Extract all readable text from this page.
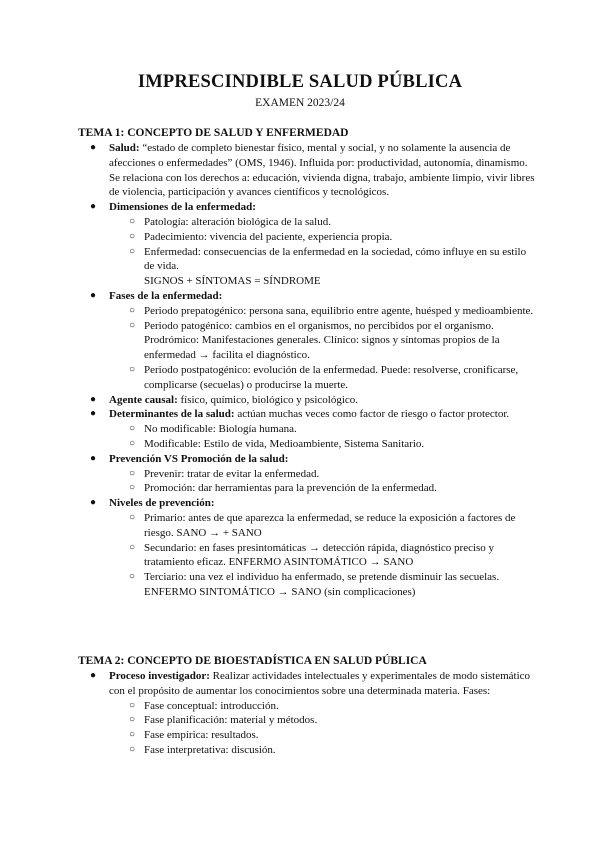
IMPRESCINDIBLE SALUD PÚBLICA
EXAMEN 2023/24
TEMA 1: CONCEPTO DE SALUD Y ENFERMEDAD
● Salud: “estado de completo bienestar físico, mental y social, y no solamente la ausencia de afecciones o enfermedades” (OMS, 1946). Influida por: productividad, autonomía, dinamismo.
Se relaciona con los derechos a: educación, vivienda digna, trabajo, ambiente limpio, vivir libres de violencia, participación y avances científicos y tecnológicos.
● Dimensiones de la enfermedad:
○ Patología: alteración biológica de la salud.
○ Padecimiento: vivencia del paciente, experiencia propia.
○ Enfermedad: consecuencias de la enfermedad en la sociedad, cómo influye en su estilo de vida.
SIGNOS + SÍNTOMAS = SÍNDROME
● Fases de la enfermedad:
○ Periodo prepatogénico: persona sana, equilibrio entre agente, huésped y medioambiente.
○ Periodo patogénico: cambios en el organismos, no percibidos por el organismo. Prodrómico: Manifestaciones generales. Clínico: signos y síntomas propios de la enfermedad → facilita el diagnóstico.
○ Periodo postpatogénico: evolución de la enfermedad. Puede: resolverse, cronificarse, complicarse (secuelas) o producirse la muerte.
● Agente causal: físico, químico, biológico y psicológico.
● Determinantes de la salud: actúan muchas veces como factor de riesgo o factor protector.
○ No modificable: Biología humana.
○ Modificable: Estilo de vida, Medioambiente, Sistema Sanitario.
● Prevención VS Promoción de la salud:
○ Prevenir: tratar de evitar la enfermedad.
○ Promoción: dar herramientas para la prevención de la enfermedad.
● Niveles de prevención:
○ Primario: antes de que aparezca la enfermedad, se reduce la exposición a factores de riesgo. SANO → + SANO
○ Secundario: en fases presintomáticas → detección rápida, diagnóstico preciso y tratamiento eficaz. ENFERMO ASINTOMÁTICO → SANO
○ Terciario: una vez el individuo ha enfermado, se pretende disminuir las secuelas. ENFERMO SINTOMÁTICO → SANO (sin complicaciones)
TEMA 2: CONCEPTO DE BIOESTADÍSTICA EN SALUD PÚBLICA
● Proceso investigador: Realizar actividades intelectuales y experimentales de modo sistemático con el propósito de aumentar los conocimientos sobre una determinada materia. Fases:
○ Fase conceptual: introducción.
○ Fase planificación: material y métodos.
○ Fase empírica: resultados.
○ Fase interpretativa: discusión.
